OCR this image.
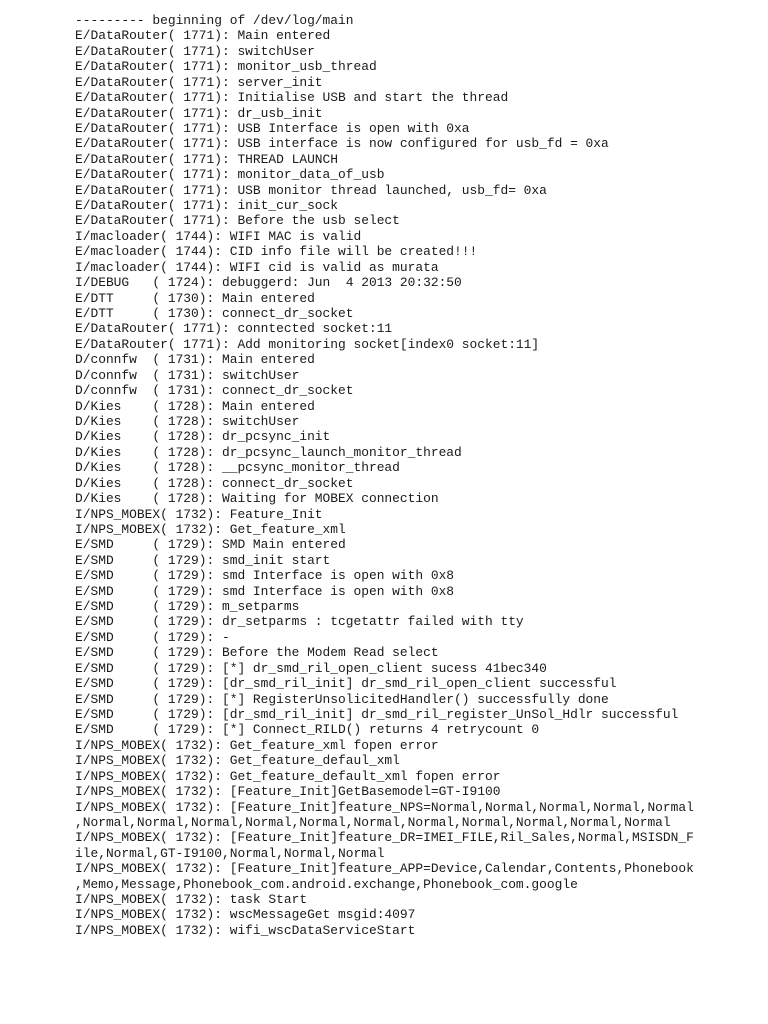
--------- beginning of /dev/log/main
E/DataRouter( 1771): Main entered
E/DataRouter( 1771): switchUser
E/DataRouter( 1771): monitor_usb_thread
E/DataRouter( 1771): server_init
E/DataRouter( 1771): Initialise USB and start the thread
E/DataRouter( 1771): dr_usb_init
E/DataRouter( 1771): USB Interface is open with 0xa
E/DataRouter( 1771): USB interface is now configured for usb_fd = 0xa
E/DataRouter( 1771): THREAD LAUNCH
E/DataRouter( 1771): monitor_data_of_usb
E/DataRouter( 1771): USB monitor thread launched, usb_fd= 0xa
E/DataRouter( 1771): init_cur_sock
E/DataRouter( 1771): Before the usb select
I/macloader( 1744): WIFI MAC is valid
E/macloader( 1744): CID info file will be created!!!
I/macloader( 1744): WIFI cid is valid as murata
I/DEBUG   ( 1724): debuggerd: Jun  4 2013 20:32:50
E/DTT     ( 1730): Main entered
E/DTT     ( 1730): connect_dr_socket
E/DataRouter( 1771): conntected socket:11
E/DataRouter( 1771): Add monitoring socket[index0 socket:11]
D/connfw  ( 1731): Main entered
D/connfw  ( 1731): switchUser
D/connfw  ( 1731): connect_dr_socket
D/Kies    ( 1728): Main entered
D/Kies    ( 1728): switchUser
D/Kies    ( 1728): dr_pcsync_init
D/Kies    ( 1728): dr_pcsync_launch_monitor_thread
D/Kies    ( 1728): __pcsync_monitor_thread
D/Kies    ( 1728): connect_dr_socket
D/Kies    ( 1728): Waiting for MOBEX connection
I/NPS_MOBEX( 1732): Feature_Init
I/NPS_MOBEX( 1732): Get_feature_xml
E/SMD     ( 1729): SMD Main entered
E/SMD     ( 1729): smd_init start
E/SMD     ( 1729): smd Interface is open with 0x8
E/SMD     ( 1729): smd Interface is open with 0x8
E/SMD     ( 1729): m_setparms
E/SMD     ( 1729): dr_setparms : tcgetattr failed with tty
E/SMD     ( 1729): -
E/SMD     ( 1729): Before the Modem Read select
E/SMD     ( 1729): [*] dr_smd_ril_open_client sucess 41bec340
E/SMD     ( 1729): [dr_smd_ril_init] dr_smd_ril_open_client successful
E/SMD     ( 1729): [*] RegisterUnsolicitedHandler() successfully done
E/SMD     ( 1729): [dr_smd_ril_init] dr_smd_ril_register_UnSol_Hdlr successful
E/SMD     ( 1729): [*] Connect_RILD() returns 4 retrycount 0
I/NPS_MOBEX( 1732): Get_feature_xml fopen error
I/NPS_MOBEX( 1732): Get_feature_defaul_xml
I/NPS_MOBEX( 1732): Get_feature_default_xml fopen error
I/NPS_MOBEX( 1732): [Feature_Init]GetBasemodel=GT-I9100
I/NPS_MOBEX( 1732): [Feature_Init]feature_NPS=Normal,Normal,Normal,Normal,Normal
,Normal,Normal,Normal,Normal,Normal,Normal,Normal,Normal,Normal,Normal,Normal
I/NPS_MOBEX( 1732): [Feature_Init]feature_DR=IMEI_FILE,Ril_Sales,Normal,MSISDN_F
ile,Normal,GT-I9100,Normal,Normal,Normal
I/NPS_MOBEX( 1732): [Feature_Init]feature_APP=Device,Calendar,Contents,Phonebook
,Memo,Message,Phonebook_com.android.exchange,Phonebook_com.google
I/NPS_MOBEX( 1732): task Start
I/NPS_MOBEX( 1732): wscMessageGet msgid:4097
I/NPS_MOBEX( 1732): wifi_wscDataServiceStart
